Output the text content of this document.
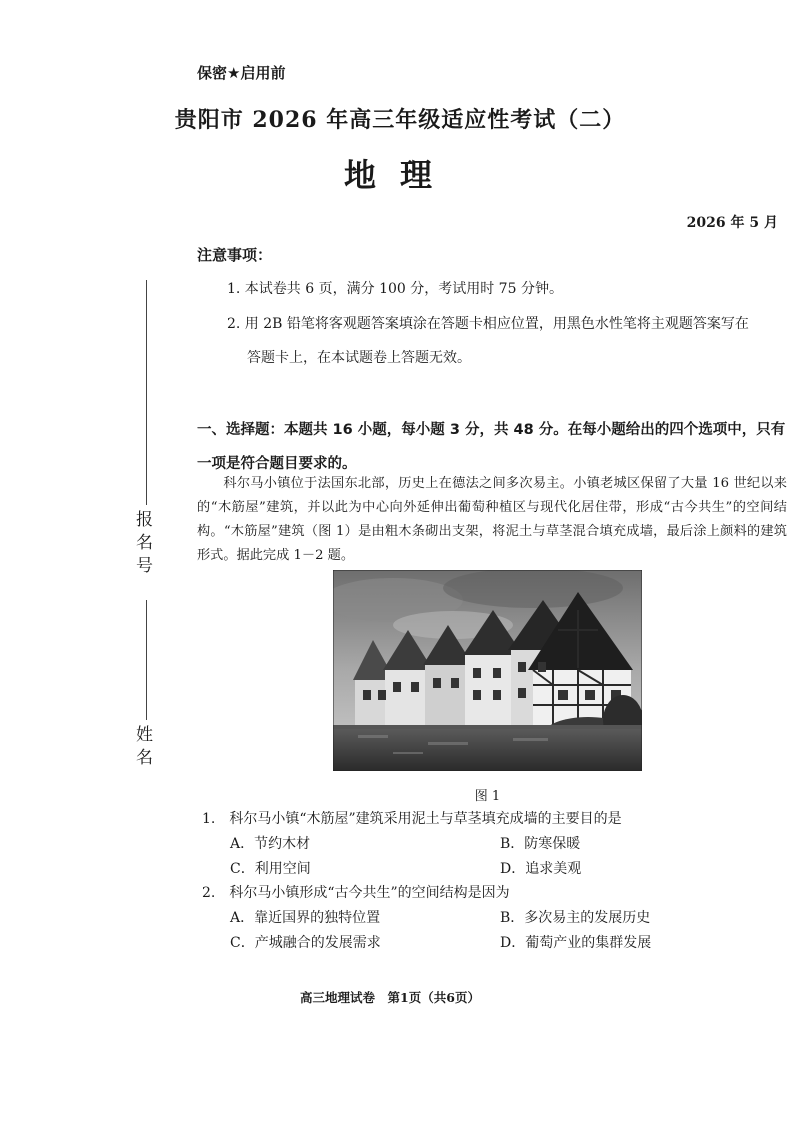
保密★启用前
贵阳市 2026 年高三年级适应性考试（二）
地理
2026 年 5 月
注意事项：
1. 本试卷共 6 页，满分 100 分，考试用时 75 分钟。
2. 用 2B 铅笔将客观题答案填涂在答题卡相应位置，用黑色水性笔将主观题答案写在
答题卡上，在本试题卷上答题无效。
报名号
姓名
一、选择题：本题共 16 小题，每小题 3 分，共 48 分。在每小题给出的四个选项中，只有一项是符合题目要求的。
科尔马小镇位于法国东北部，历史上在德法之间多次易主。小镇老城区保留了大量 16 世纪以来的“木筋屋”建筑，并以此为中心向外延伸出葡萄种植区与现代化居住带，形成“古今共生”的空间结构。“木筋屋”建筑（图 1）是由粗木条砌出支架，将泥土与草茎混合填充成墙，最后涂上颜料的建筑形式。据此完成 1－2 题。
图 1
1.　科尔马小镇“木筋屋”建筑采用泥土与草茎填充成墙的主要目的是
A．节约木材	B．防寒保暖
C．利用空间	D．追求美观
2.　科尔马小镇形成“古今共生”的空间结构是因为
A．靠近国界的独特位置	B．多次易主的发展历史
C．产城融合的发展需求	D．葡萄产业的集群发展
高三地理试卷　第1页（共6页）
